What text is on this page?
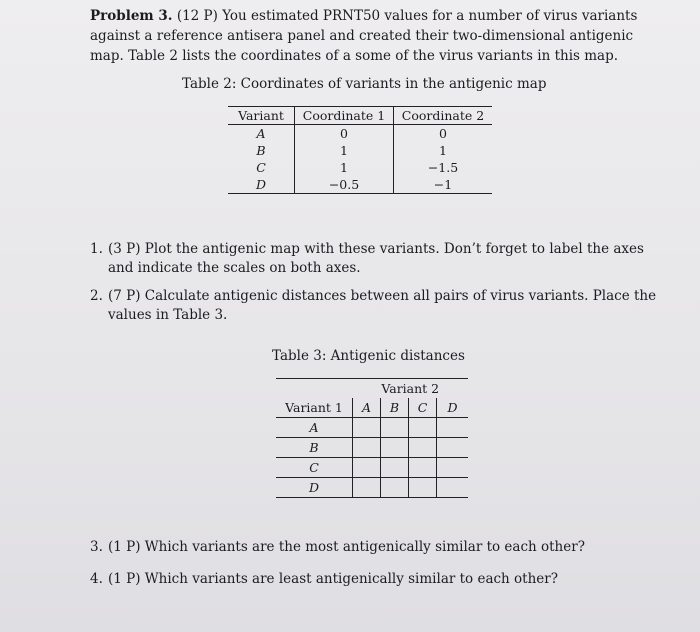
Problem 3. (12 P) You estimated PRNT50 values for a number of virus variants against a reference antisera panel and created their two-dimensional antigenic map. Table 2 lists the coordinates of a some of the virus variants in this map.
Table 2: Coordinates of variants in the antigenic map
Variant	Coordinate 1	Coordinate 2
A	0	0
B	1	1
C	1	−1.5
D	−0.5	−1
1. (3 P) Plot the antigenic map with these variants. Don’t forget to label the axes and indicate the scales on both axes.
2. (7 P) Calculate antigenic distances between all pairs of virus variants. Place the values in Table 3.
Table 3: Antigenic distances
	Variant 2			
Variant 1	A	B	C	D
A				
B				
C				
D				
3. (1 P) Which variants are the most antigenically similar to each other?
4. (1 P) Which variants are least antigenically similar to each other?
